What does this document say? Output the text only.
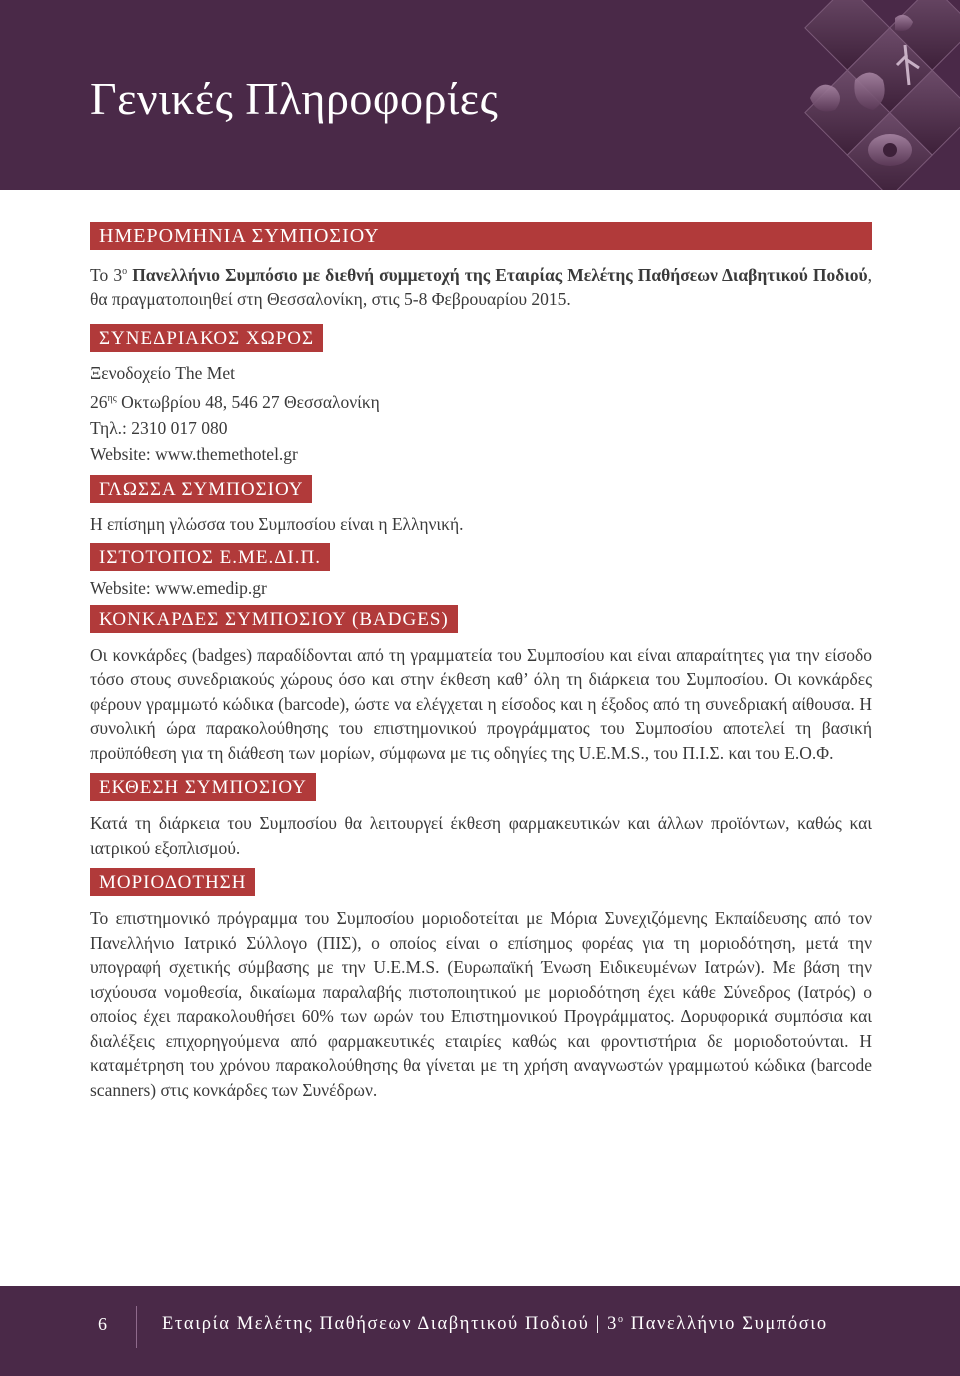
Γενικές Πληροφορίες
ΗΜΕΡΟΜΗΝΙΑ ΣΥΜΠΟΣΙΟΥ

Το $3^o$ Πανελλήνιο Συμπόσιο με διεθνή συμμετοχή της Εταιρίας Μελέτης Παθήσεων Διαβητικού Ποδιού, θα πραγματοποιηθεί στη Θεσσαλονίκη, στις 5-8 Φεβρουαρίου 2015.

ΣΥΝΕΔΡΙΑΚΟΣ ΧΩΡΟΣ

Ξενοδοχείο The Met

$26^{\eta\varsigma}$ Οκτωβρίου 48, 546 27 Θεσσαλονίκη

Τηλ.: 2310 017 080

Website: www.themethotel.gr

ΓΛΩΣΣΑ ΣΥΜΠΟΣΙΟΥ

Η επίσημη γλώσσα του Συμποσίου είναι η Ελληνική.

ΙΣΤΟΤΟΠΟΣ Ε.ΜΕ.ΔΙ.Π.

Website: www.emedip.gr

ΚΟΝΚΑΡΔΕΣ ΣΥΜΠΟΣΙΟΥ (BADGES)

Οι κονκάρδες (badges) παραδίδονται από τη γραμματεία του Συμποσίου και είναι απαραίτητες για την είσοδο τόσο στους συνεδριακούς χώρους όσο και στην έκθεση καθ’ όλη τη διάρκεια του Συμποσίου. Οι κονκάρδες φέρουν γραμμωτό κώδικα (barcode), ώστε να ελέγχεται η είσοδος και η έξοδος από τη συνεδριακή αίθουσα. Η συνολική ώρα παρακολούθησης του επιστημονικού προγράμματος του Συμποσίου αποτελεί τη βασική προϋπόθεση για τη διάθεση των μορίων, σύμφωνα με τις οδηγίες της U.E.M.S., του Π.Ι.Σ. και του Ε.Ο.Φ.

ΕΚΘΕΣΗ ΣΥΜΠΟΣΙΟΥ

Κατά τη διάρκεια του Συμποσίου θα λειτουργεί έκθεση φαρμακευτικών και άλλων προϊόντων, καθώς και ιατρικού εξοπλισμού.

ΜΟΡΙΟΔΟΤΗΣΗ

Το επιστημονικό πρόγραμμα του Συμποσίου μοριοδοτείται με Μόρια Συνεχιζόμενης Εκπαίδευσης από τον Πανελλήνιο Ιατρικό Σύλλογο (ΠΙΣ), ο οποίος είναι ο επίσημος φορέας για τη μοριοδότηση, μετά την υπογραφή σχετικής σύμβασης με την U.E.M.S. (Ευρωπαϊκή Ένωση Ειδικευμένων Ιατρών). Με βάση την ισχύουσα νομοθεσία, δικαίωμα παραλαβής πιστοποιητικού με μοριοδότηση έχει κάθε Σύνεδρος (Ιατρός) ο οποίος έχει παρακολουθήσει 60% των ωρών του Επιστημονικού Προγράμματος. Δορυφορικά συμπόσια και διαλέξεις επιχορηγούμενα από φαρμακευτικές εταιρίες καθώς και φροντιστήρια δε μοριοδοτούνται. Η καταμέτρηση του χρόνου παρακολούθησης θα γίνεται με τη χρήση αναγνωστών γραμμωτού κώδικα (barcode scanners) στις κονκάρδες των Συνέδρων.

6	Εταιρία Μελέτης Παθήσεων Διαβητικού Ποδιού | $3^o$ Πανελλήνιο Συμπόσιο
